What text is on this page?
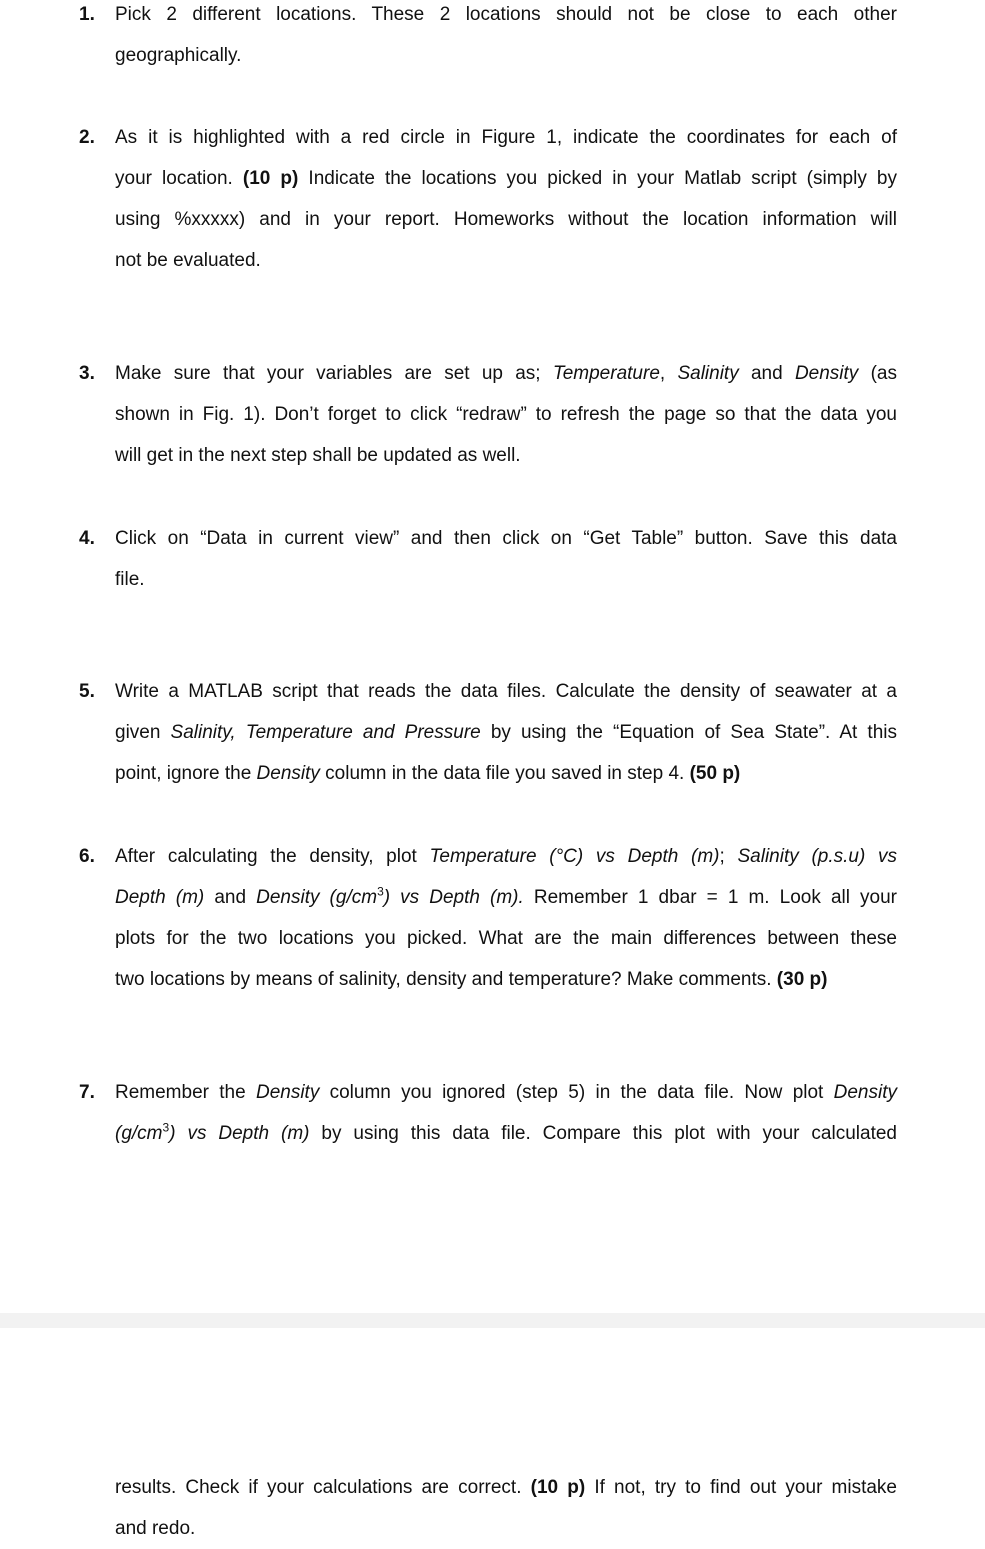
1. Pick 2 different locations. These 2 locations should not be close to each other
geographically.
2. As it is highlighted with a red circle in Figure 1, indicate the coordinates for each of
your location. (10 p) Indicate the locations you picked in your Matlab script (simply by
using %xxxxx) and in your report. Homeworks without the location information will
not be evaluated.
3. Make sure that your variables are set up as; Temperature, Salinity and Density (as
shown in Fig. 1). Don’t forget to click “redraw” to refresh the page so that the data you
will get in the next step shall be updated as well.
4. Click on “Data in current view” and then click on “Get Table” button. Save this data
file.
5. Write a MATLAB script that reads the data files. Calculate the density of seawater at a
given Salinity, Temperature and Pressure by using the “Equation of Sea State”. At this
point, ignore the Density column in the data file you saved in step 4. (50 p)
6. After calculating the density, plot Temperature (°C) vs Depth (m); Salinity (p.s.u) vs
Depth (m) and Density $(g/cm^3)$ vs Depth (m). Remember 1 dbar = 1 m. Look all your
plots for the two locations you picked. What are the main differences between these
two locations by means of salinity, density and temperature? Make comments. (30 p)
7. Remember the Density column you ignored (step 5) in the data file. Now plot Density
$(g/cm^3)$ vs Depth (m) by using this data file. Compare this plot with your calculated
results. Check if your calculations are correct. (10 p) If not, try to find out your mistake
and redo.
